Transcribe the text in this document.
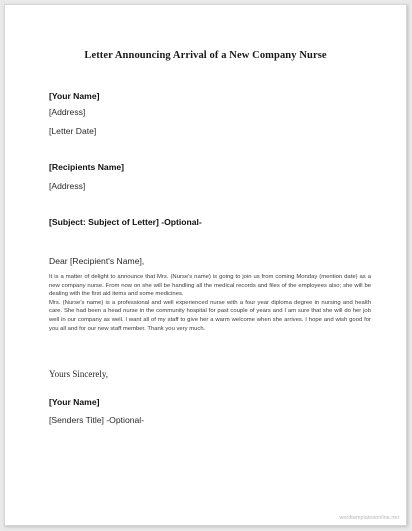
Letter Announcing Arrival of a New Company Nurse
[Your Name]
[Address]
[Letter Date]
[Recipients Name]
[Address]
[Subject: Subject of Letter] -Optional-
Dear [Recipient's Name],

It is a matter of delight to announce that Mrs. (Nurse's name) is going to join us from coming Monday (mention date) as a new company nurse. From now on she will be handling all the medical records and files of the employees also; she will be dealing with the first aid items and some medicines.

Mrs. (Nurse's name) is a professional and well experienced nurse with a four year diploma degree in nursing and health care. She had been a head nurse in the community hospital for past couple of years and I am sure that she will do her job well in our company as well. I want all of my staff to give her a warm welcome when she arrives. I hope and wish good for you all and for our new staff member. Thank you very much.

Yours Sincerely,
[Your Name]
[Senders Title] -Optional-
wordtemplatesonline.net
